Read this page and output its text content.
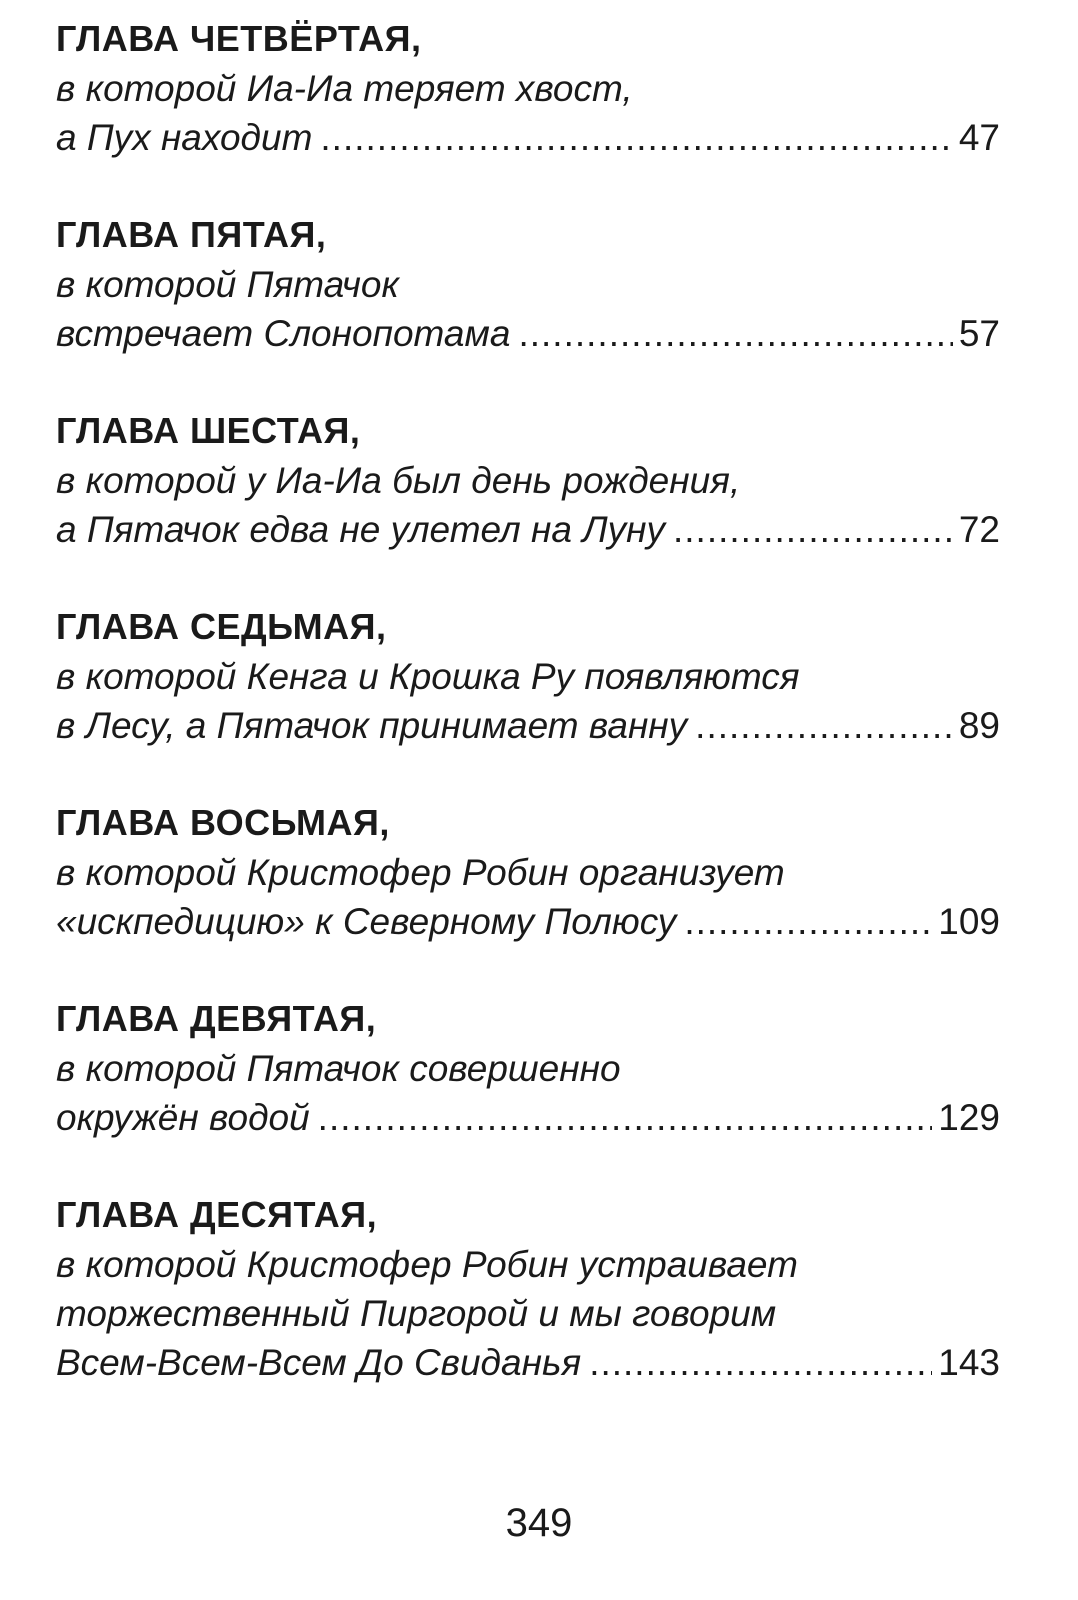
ГЛАВА ЧЕТВЁРТАЯ,
в которой Иа-Иа теряет хвост,
а Пух находит .....	47
ГЛАВА ПЯТАЯ,
в которой Пятачок
встречает Слонопотама .....	57
ГЛАВА ШЕСТАЯ,
в которой у Иа-Иа был день рождения,
а Пятачок едва не улетел на Луну .....	72
ГЛАВА СЕДЬМАЯ,
в которой Кенга и Крошка Ру появляются
в Лесу, а Пятачок принимает ванну .....	89
ГЛАВА ВОСЬМАЯ,
в которой Кристофер Робин организует
«искпедицию» к Северному Полюсу .....	109
ГЛАВА ДЕВЯТАЯ,
в которой Пятачок совершенно
окружён водой .....	129
ГЛАВА ДЕСЯТАЯ,
в которой Кристофер Робин устраивает
торжественный Пиргорой и мы говорим
Всем-Всем-Всем До Свиданья .....	143
349
